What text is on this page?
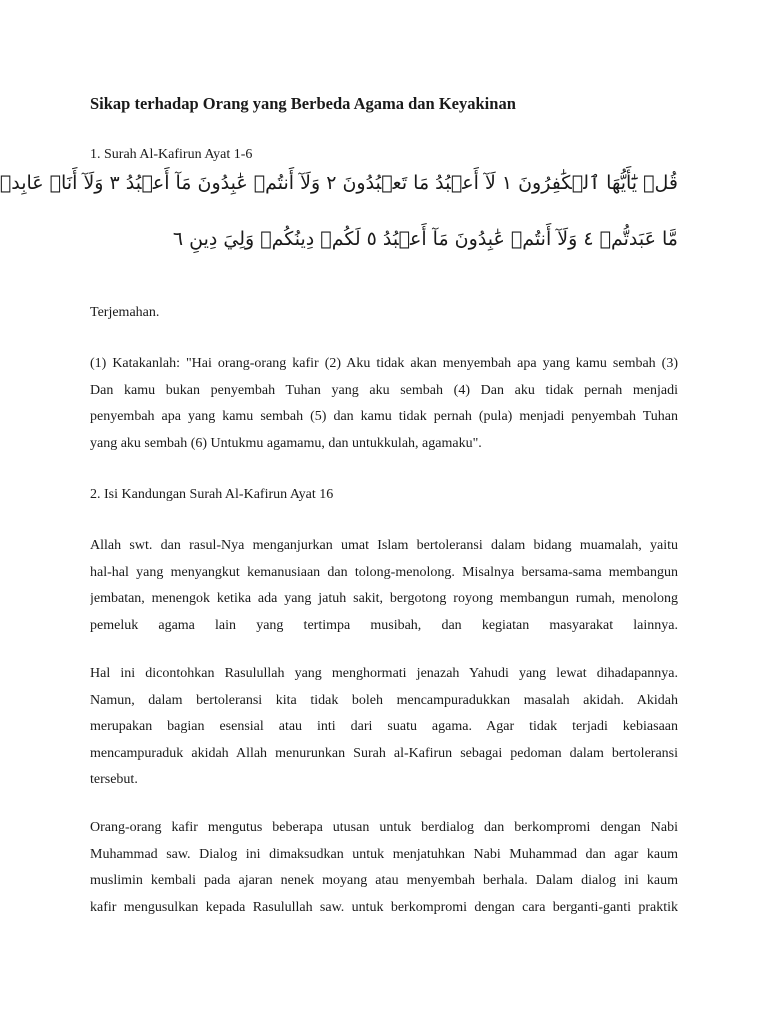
Sikap terhadap Orang yang Berbeda Agama dan Keyakinan
1. Surah Al-Kafirun Ayat 1-6
قُلۡ يَٰٓأَيُّهَا ٱلۡكَٰفِرُونَ ١ لَآ أَعۡبُدُ مَا تَعۡبُدُونَ ٢ وَلَآ أَنتُمۡ عَٰبِدُونَ مَآ أَعۡبُدُ ٣ وَلَآ أَنَا۠ عَابِدٞ
مَّا عَبَدتُّمۡ ٤ وَلَآ أَنتُمۡ عَٰبِدُونَ مَآ أَعۡبُدُ ٥ لَكُمۡ دِينُكُمۡ وَلِيَ دِينِ ٦
Terjemahan.
(1) Katakanlah: "Hai orang-orang kafir (2) Aku tidak akan menyembah apa yang kamu sembah (3)
Dan kamu bukan penyembah Tuhan yang aku sembah (4) Dan aku tidak pernah menjadi
penyembah apa yang kamu sembah (5) dan kamu tidak pernah (pula) menjadi penyembah Tuhan
yang aku sembah (6) Untukmu agamamu, dan untukkulah, agamaku".
2. Isi Kandungan Surah Al-Kafirun Ayat 16
Allah swt. dan rasul-Nya menganjurkan umat Islam bertoleransi dalam bidang muamalah, yaitu
hal-hal yang menyangkut kemanusiaan dan tolong-menolong. Misalnya bersama-sama membangun
jembatan, menengok ketika ada yang jatuh sakit, bergotong royong membangun rumah, menolong
pemeluk agama lain yang tertimpa musibah, dan kegiatan masyarakat lainnya.
Hal ini dicontohkan Rasulullah yang menghormati jenazah Yahudi yang lewat dihadapannya.
Namun, dalam bertoleransi kita tidak boleh mencampuradukkan masalah akidah. Akidah
merupakan bagian esensial atau inti dari suatu agama. Agar tidak terjadi kebiasaan
mencampuraduk akidah Allah menurunkan Surah al-Kafirun sebagai pedoman dalam bertoleransi
tersebut.
Orang-orang kafir mengutus beberapa utusan untuk berdialog dan berkompromi dengan Nabi
Muhammad saw. Dialog ini dimaksudkan untuk menjatuhkan Nabi Muhammad dan agar kaum
muslimin kembali pada ajaran nenek moyang atau menyembah berhala. Dalam dialog ini kaum
kafir mengusulkan kepada Rasulullah saw. untuk berkompromi dengan cara berganti-ganti praktik
